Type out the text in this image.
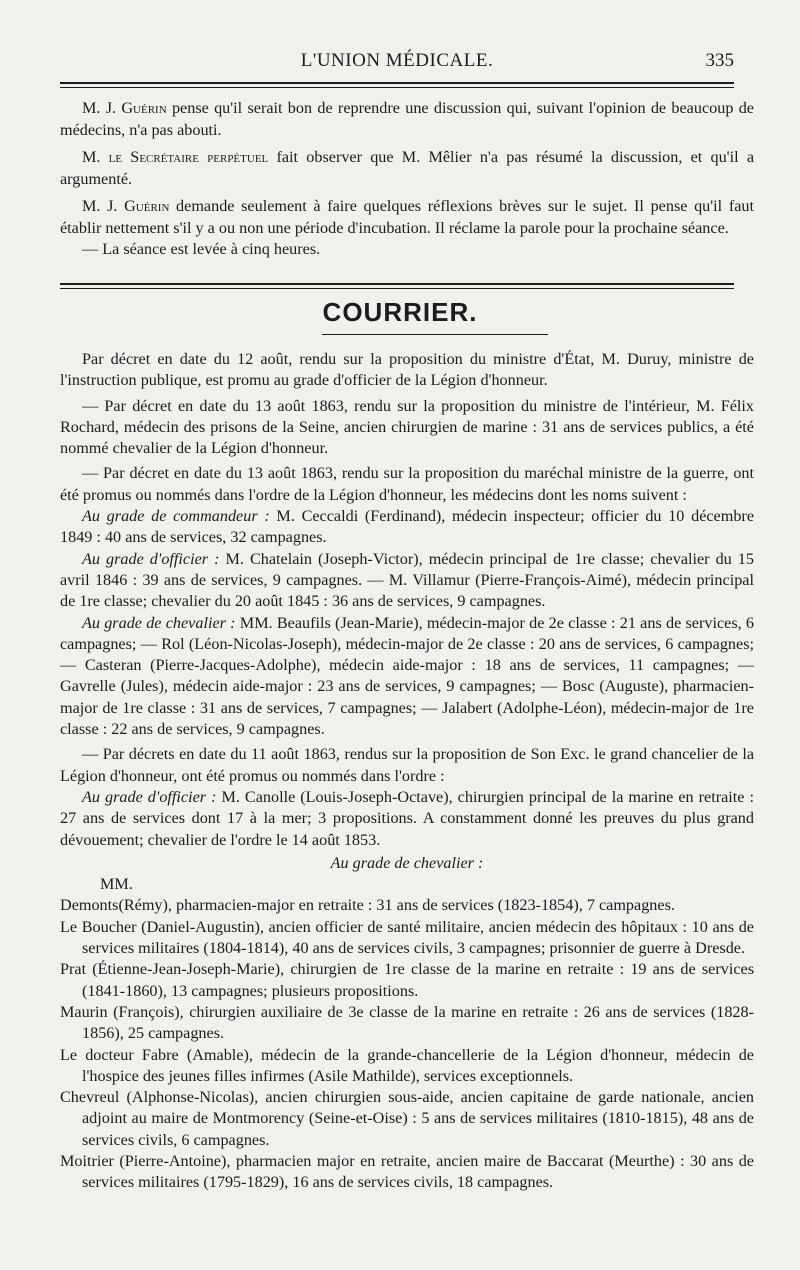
L'UNION MÉDICALE.	335

M. J. Guérin pense qu'il serait bon de reprendre une discussion qui, suivant l'opinion de beaucoup de médecins, n'a pas abouti.

M. le Secrétaire perpétuel fait observer que M. Mêlier n'a pas résumé la discussion, et qu'il a argumenté.

M. J. Guérin demande seulement à faire quelques réflexions brèves sur le sujet. Il pense qu'il faut établir nettement s'il y a ou non une période d'incubation. Il réclame la parole pour la prochaine séance.

— La séance est levée à cinq heures.

COURRIER.

Par décret en date du 12 août, rendu sur la proposition du ministre d'État, M. Duruy, ministre de l'instruction publique, est promu au grade d'officier de la Légion d'honneur.

— Par décret en date du 13 août 1863, rendu sur la proposition du ministre de l'intérieur, M. Félix Rochard, médecin des prisons de la Seine, ancien chirurgien de marine : 31 ans de services publics, a été nommé chevalier de la Légion d'honneur.

— Par décret en date du 13 août 1863, rendu sur la proposition du maréchal ministre de la guerre, ont été promus ou nommés dans l'ordre de la Légion d'honneur, les médecins dont les noms suivent :

Au grade de commandeur : M. Ceccaldi (Ferdinand), médecin inspecteur; officier du 10 décembre 1849 : 40 ans de services, 32 campagnes.

Au grade d'officier : M. Chatelain (Joseph-Victor), médecin principal de 1re classe; chevalier du 15 avril 1846 : 39 ans de services, 9 campagnes. — M. Villamur (Pierre-François-Aimé), médecin principal de 1re classe; chevalier du 20 août 1845 : 36 ans de services, 9 campagnes.

Au grade de chevalier : MM. Beaufils (Jean-Marie), médecin-major de 2e classe : 21 ans de services, 6 campagnes; — Rol (Léon-Nicolas-Joseph), médecin-major de 2e classe : 20 ans de services, 6 campagnes; — Casteran (Pierre-Jacques-Adolphe), médecin aide-major : 18 ans de services, 11 campagnes; — Gavrelle (Jules), médecin aide-major : 23 ans de services, 9 campagnes; — Bosc (Auguste), pharmacien-major de 1re classe : 31 ans de services, 7 campagnes; — Jalabert (Adolphe-Léon), médecin-major de 1re classe : 22 ans de services, 9 campagnes.

— Par décrets en date du 11 août 1863, rendus sur la proposition de Son Exc. le grand chancelier de la Légion d'honneur, ont été promus ou nommés dans l'ordre :

Au grade d'officier : M. Canolle (Louis-Joseph-Octave), chirurgien principal de la marine en retraite : 27 ans de services dont 17 à la mer; 3 propositions. A constamment donné les preuves du plus grand dévouement; chevalier de l'ordre le 14 août 1853.

Au grade de chevalier :

MM.

Demonts(Rémy), pharmacien-major en retraite : 31 ans de services (1823-1854), 7 campagnes.

Le Boucher (Daniel-Augustin), ancien officier de santé militaire, ancien médecin des hôpitaux : 10 ans de services militaires (1804-1814), 40 ans de services civils, 3 campagnes; prisonnier de guerre à Dresde.

Prat (Étienne-Jean-Joseph-Marie), chirurgien de 1re classe de la marine en retraite : 19 ans de services (1841-1860), 13 campagnes; plusieurs propositions.

Maurin (François), chirurgien auxiliaire de 3e classe de la marine en retraite : 26 ans de services (1828-1856), 25 campagnes.

Le docteur Fabre (Amable), médecin de la grande-chancellerie de la Légion d'honneur, médecin de l'hospice des jeunes filles infirmes (Asile Mathilde), services exceptionnels.

Chevreul (Alphonse-Nicolas), ancien chirurgien sous-aide, ancien capitaine de garde nationale, ancien adjoint au maire de Montmorency (Seine-et-Oise) : 5 ans de services militaires (1810-1815), 48 ans de services civils, 6 campagnes.

Moitrier (Pierre-Antoine), pharmacien major en retraite, ancien maire de Baccarat (Meurthe) : 30 ans de services militaires (1795-1829), 16 ans de services civils, 18 campagnes.
